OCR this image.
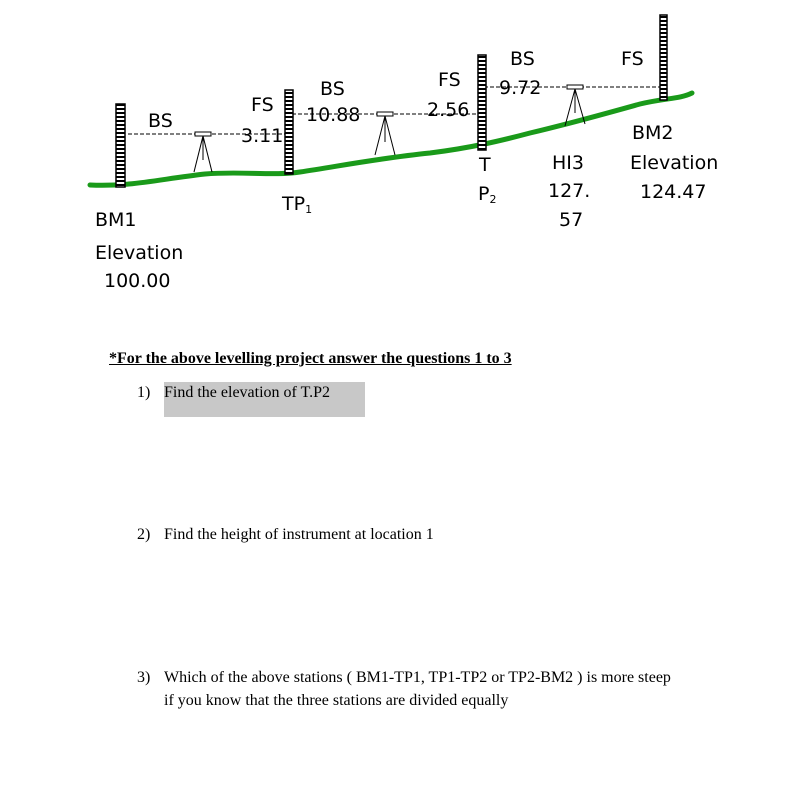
BS
FS
3.11
BS
10.88
FS
2.56
BS
9.72
FS
BM1
Elevation
100.00
$TP_1$
T
$P_2$
HI3
127.
57
BM2
Elevation
124.47
*For the above levelling project answer the questions 1 to 3
1) Find the elevation of T.P2
2) Find the height of instrument at location 1
3) Which of the above stations ( BM1-TP1, TP1-TP2 or TP2-BM2 ) is more steep
if you know that the three stations are divided equally
